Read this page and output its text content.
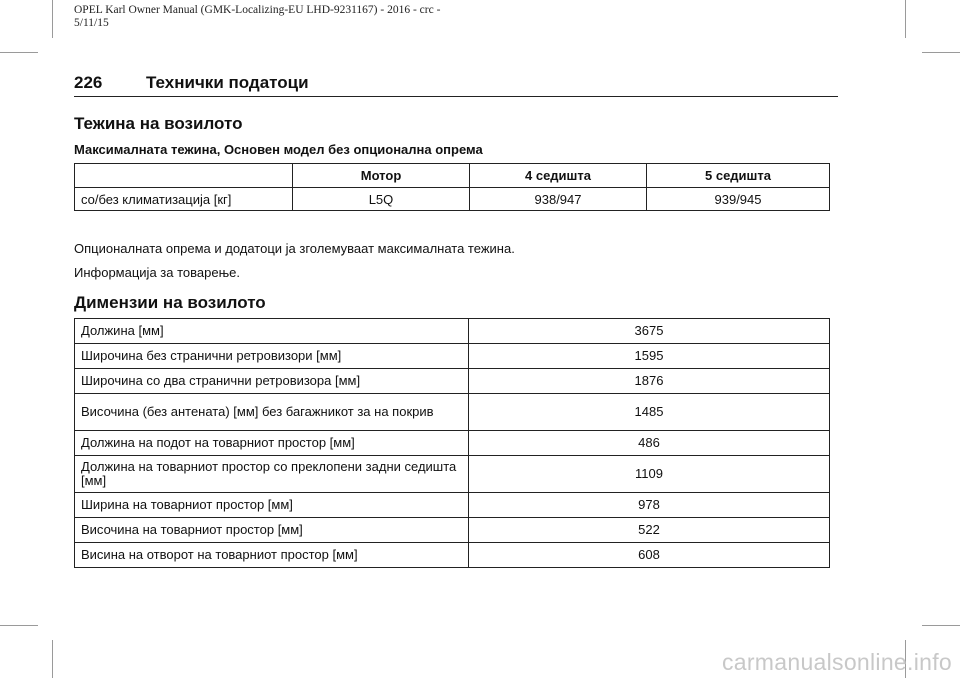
OPEL Karl Owner Manual (GMK-Localizing-EU LHD-9231167) - 2016 - crc -
5/11/15
226	Технички податоци
Тежина на возилото
Максималната тежина, Основен модел без опционална опрема
	Мотор	4 седишта	5 седишта
со/без климатизација [кг]	L5Q	938/947	939/945
Опционалната опрема и додатоци ја зголемуваат максималната тежина.
Информација за товарење.
Димензии на возилото
Должина [мм]	3675
Широчина без странични ретровизори [мм]	1595
Широчина со два странични ретровизора [мм]	1876
Височина (без антената) [мм] без багажникот за на покрив	1485
Должина на подот на товарниот простор [мм]	486
Должина на товарниот простор со преклопени задни седишта [мм]	1109
Ширина на товарниот простор [мм]	978
Височина на товарниот простор [мм]	522
Висина на отворот на товарниот простор [мм]	608
carmanualsonline.info
